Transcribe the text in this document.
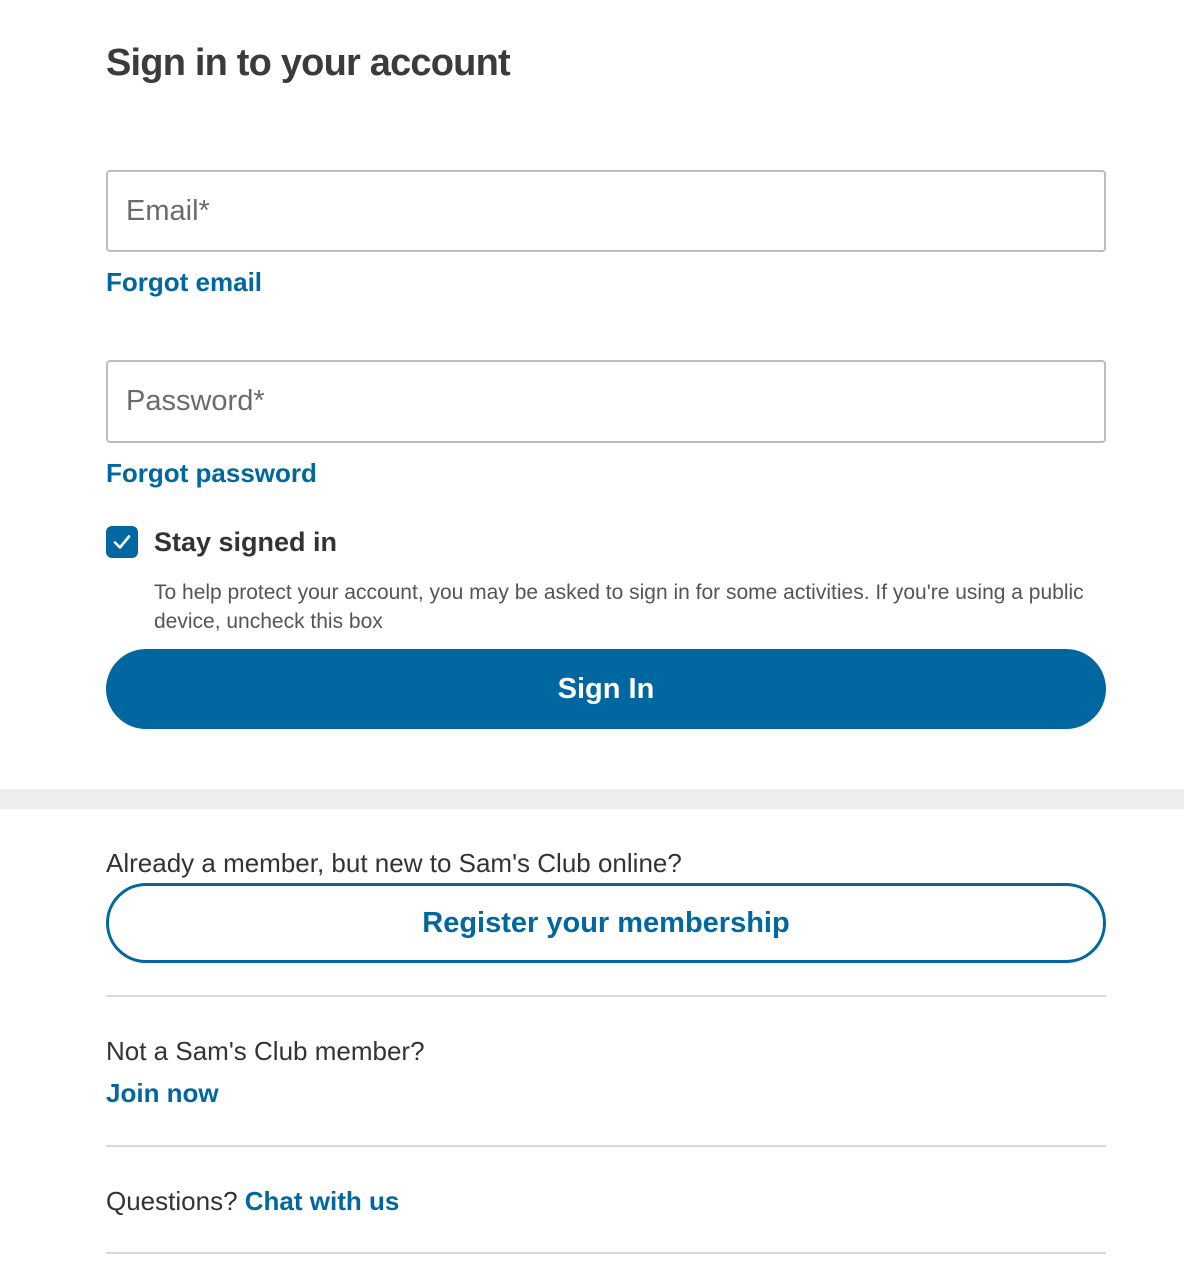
Sign in to your account
Email*
Forgot email
Forgot password
Stay signed in
To help protect your account, you may be asked to sign in for some activities. If you're using a public device, uncheck this box
Sign In
Already a member, but new to Sam's Club online?
Register your membership
Not a Sam's Club member?
Join now
Questions? Chat with us
